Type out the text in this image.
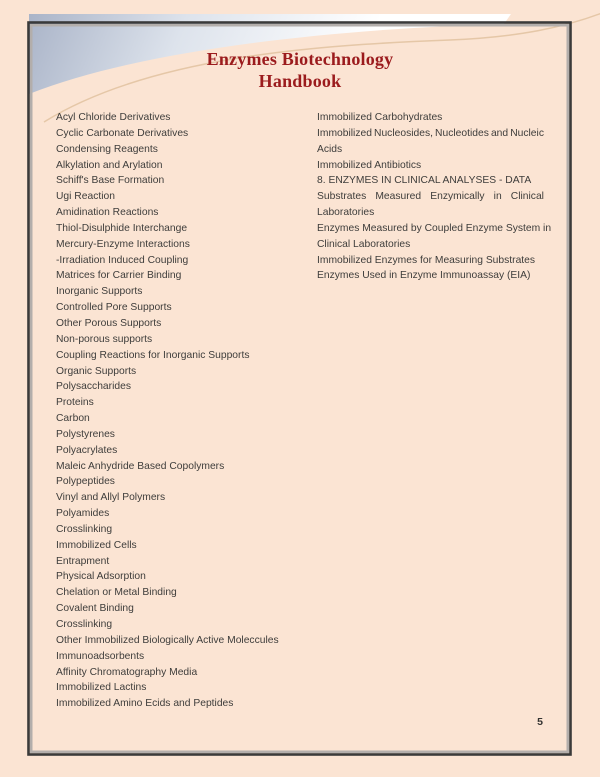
Enzymes Biotechnology
Handbook
Acyl Chloride Derivatives
Cyclic Carbonate Derivatives
Condensing Reagents
Alkylation and Arylation
Schiff's Base Formation
Ugi Reaction
Amidination Reactions
Thiol-Disulphide Interchange
Mercury-Enzyme Interactions
-Irradiation Induced Coupling
Matrices for Carrier Binding
Inorganic Supports
Controlled Pore Supports
Other Porous Supports
Non-porous supports
Coupling Reactions for Inorganic Supports
Organic Supports
Polysaccharides
Proteins
Carbon
Polystyrenes
Polyacrylates
Maleic Anhydride Based Copolymers
Polypeptides
Vinyl and Allyl Polymers
Polyamides
Crosslinking
Immobilized Cells
Entrapment
Physical Adsorption
Chelation or Metal Binding
Covalent Binding
Crosslinking
Other Immobilized Biologically Active Moleccules
Immunoadsorbents
Affinity Chromatography Media
Immobilized Lactins
Immobilized Amino Ecids and Peptides
Immobilized Carbohydrates
Immobilized Nucleosides, Nucleotides and Nucleic
Acids
Immobilized Antibiotics
8. ENZYMES IN CLINICAL ANALYSES - DATA
Substrates Measured Enzymically in Clinical
Laboratories
Enzymes Measured by Coupled Enzyme System in
Clinical Laboratories
Immobilized Enzymes for Measuring Substrates
Enzymes Used in Enzyme Immunoassay (EIA)
5
